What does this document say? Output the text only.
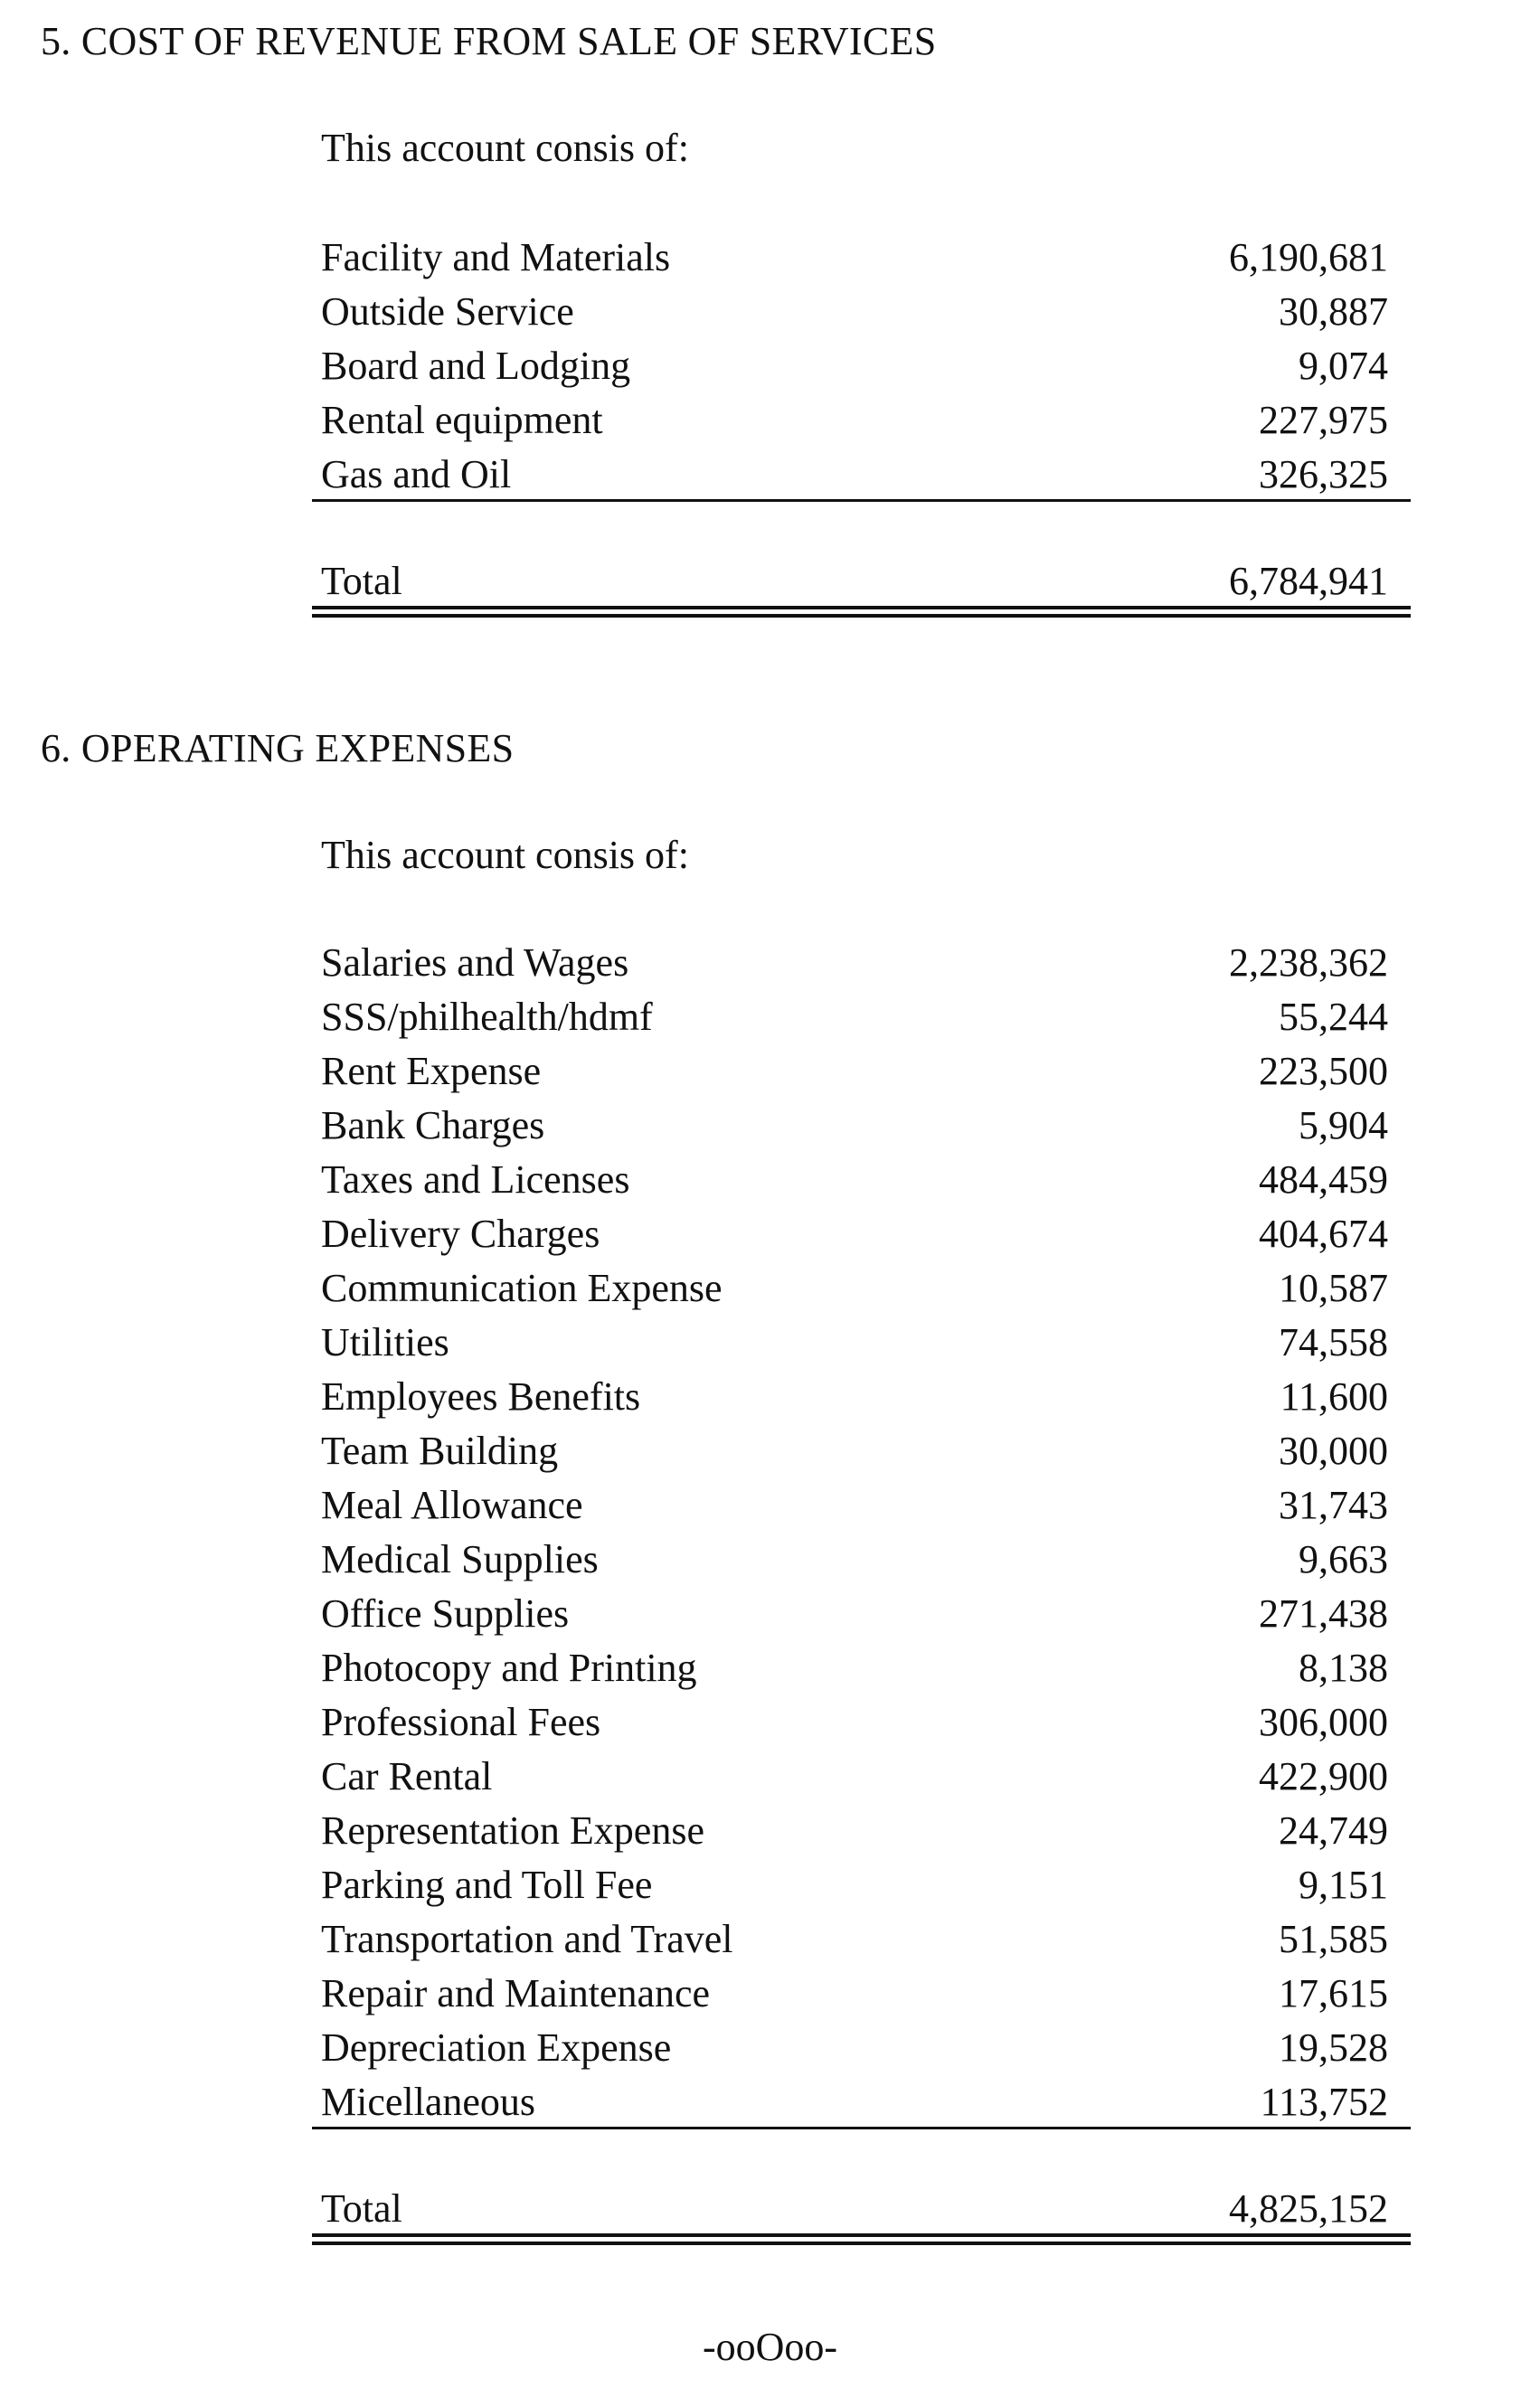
5. COST OF REVENUE FROM SALE OF SERVICES
This account consis of:
Facility and Materials	6,190,681
Outside Service	30,887
Board and Lodging	9,074
Rental equipment	227,975
Gas and Oil	326,325
Total	6,784,941
6. OPERATING EXPENSES
This account consis of:
Salaries and Wages	2,238,362
SSS/philhealth/hdmf	55,244
Rent Expense	223,500
Bank Charges	5,904
Taxes and Licenses	484,459
Delivery Charges	404,674
Communication Expense	10,587
Utilities	74,558
Employees Benefits	11,600
Team Building	30,000
Meal Allowance	31,743
Medical Supplies	9,663
Office Supplies	271,438
Photocopy and Printing	8,138
Professional Fees	306,000
Car Rental	422,900
Representation Expense	24,749
Parking and Toll Fee	9,151
Transportation and Travel	51,585
Repair and Maintenance	17,615
Depreciation Expense	19,528
Micellaneous	113,752
Total	4,825,152
-ooOoo-
